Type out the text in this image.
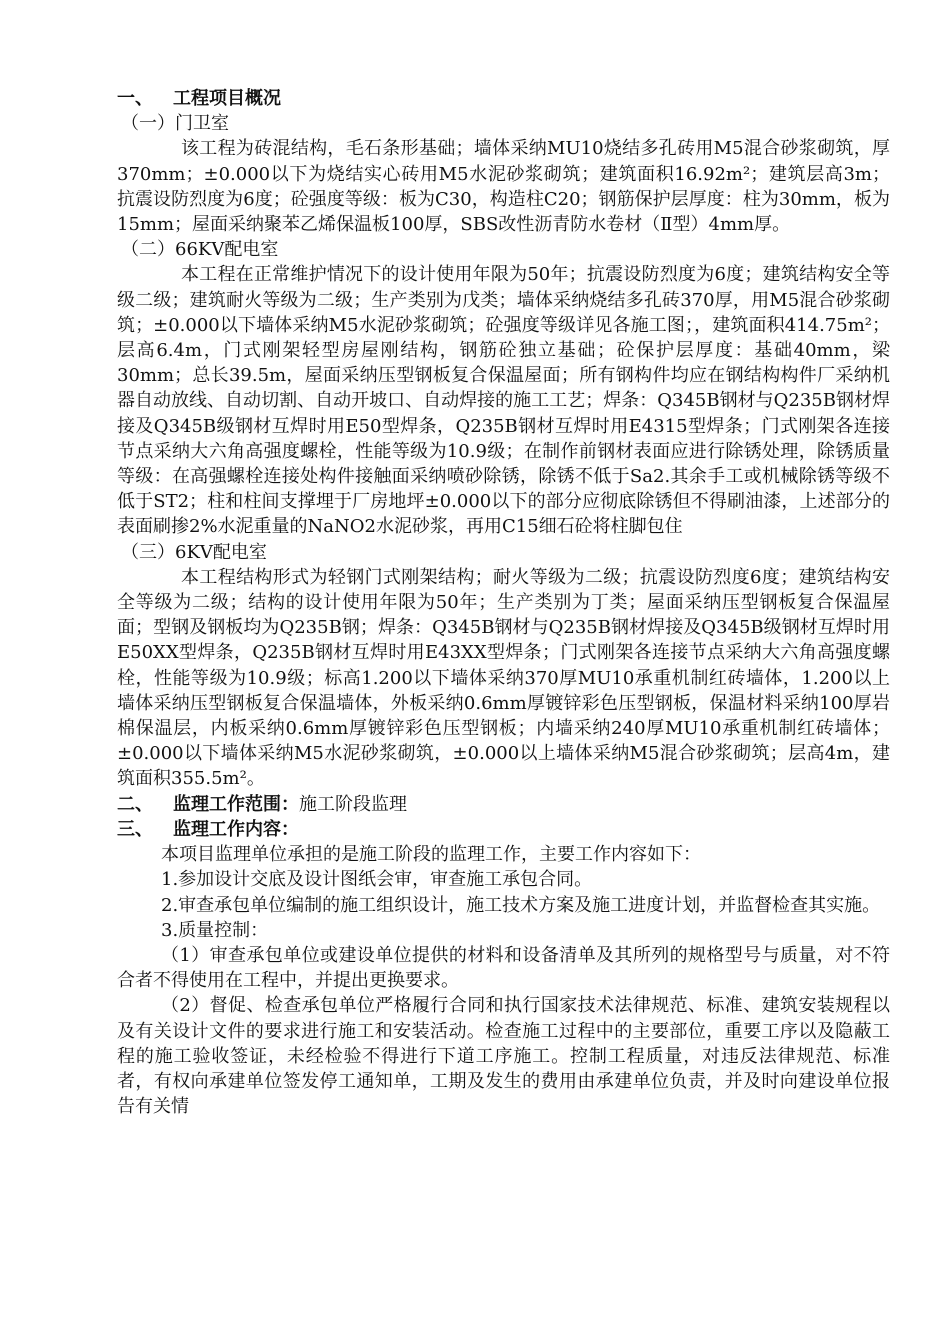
一、 工程项目概况
（一）门卫室

该工程为砖混结构，毛石条形基础；墙体采纳MU10烧结多孔砖用M5混合砂浆砌筑，厚370mm；±0.000以下为烧结实心砖用M5水泥砂浆砌筑；建筑面积16.92m²；建筑层高3m；抗震设防烈度为6度；砼强度等级：板为C30，构造柱C20；钢筋保护层厚度：柱为30mm，板为15mm；屋面采纳聚苯乙烯保温板100厚，SBS改性沥青防水卷材（Ⅱ型）4mm厚。

（二）66KV配电室

本工程在正常维护情况下的设计使用年限为50年；抗震设防烈度为6度；建筑结构安全等级二级；建筑耐火等级为二级；生产类别为戊类；墙体采纳烧结多孔砖370厚，用M5混合砂浆砌筑；±0.000以下墙体采纳M5水泥砂浆砌筑；砼强度等级详见各施工图；，建筑面积414.75m²；层高6.4m，门式刚架轻型房屋刚结构，钢筋砼独立基础；砼保护层厚度：基础40mm，梁30mm；总长39.5m，屋面采纳压型钢板复合保温屋面；所有钢构件均应在钢结构构件厂采纳机器自动放线、自动切割、自动开坡口、自动焊接的施工工艺；焊条：Q345B钢材与Q235B钢材焊接及Q345B级钢材互焊时用E50型焊条，Q235B钢材互焊时用E4315型焊条；门式刚架各连接节点采纳大六角高强度螺栓，性能等级为10.9级；在制作前钢材表面应进行除锈处理，除锈质量等级：在高强螺栓连接处构件接触面采纳喷砂除锈，除锈不低于Sa2.其余手工或机械除锈等级不低于ST2；柱和柱间支撑埋于厂房地坪±0.000以下的部分应彻底除锈但不得刷油漆，上述部分的表面刷掺2%水泥重量的NaNO2水泥砂浆，再用C15细石砼将柱脚包住

（三）6KV配电室

本工程结构形式为轻钢门式刚架结构；耐火等级为二级；抗震设防烈度6度；建筑结构安全等级为二级；结构的设计使用年限为50年；生产类别为丁类；屋面采纳压型钢板复合保温屋面；型钢及钢板均为Q235B钢；焊条：Q345B钢材与Q235B钢材焊接及Q345B级钢材互焊时用E50XX型焊条，Q235B钢材互焊时用E43XX型焊条；门式刚架各连接节点采纳大六角高强度螺栓，性能等级为10.9级；标高1.200以下墙体采纳370厚MU10承重机制红砖墙体，1.200以上墙体采纳压型钢板复合保温墙体，外板采纳0.6mm厚镀锌彩色压型钢板，保温材料采纳100厚岩棉保温层，内板采纳0.6mm厚镀锌彩色压型钢板；内墙采纳240厚MU10承重机制红砖墙体；±0.000以下墙体采纳M5水泥砂浆砌筑，±0.000以上墙体采纳M5混合砂浆砌筑；层高4m，建筑面积355.5m²。

二、 监理工作范围：施工阶段监理
三、 监理工作内容：

本项目监理单位承担的是施工阶段的监理工作，主要工作内容如下：

1.参加设计交底及设计图纸会审，审查施工承包合同。

2.审查承包单位编制的施工组织设计，施工技术方案及施工进度计划，并监督检查其实施。

3.质量控制：

（1）审查承包单位或建设单位提供的材料和设备清单及其所列的规格型号与质量，对不符合者不得使用在工程中，并提出更换要求。

（2）督促、检查承包单位严格履行合同和执行国家技术法律规范、标准、建筑安装规程以及有关设计文件的要求进行施工和安装活动。检查施工过程中的主要部位，重要工序以及隐蔽工程的施工验收签证，未经检验不得进行下道工序施工。控制工程质量，对违反法律规范、标准者，有权向承建单位签发停工通知单，工期及发生的费用由承建单位负责，并及时向建设单位报告有关情
